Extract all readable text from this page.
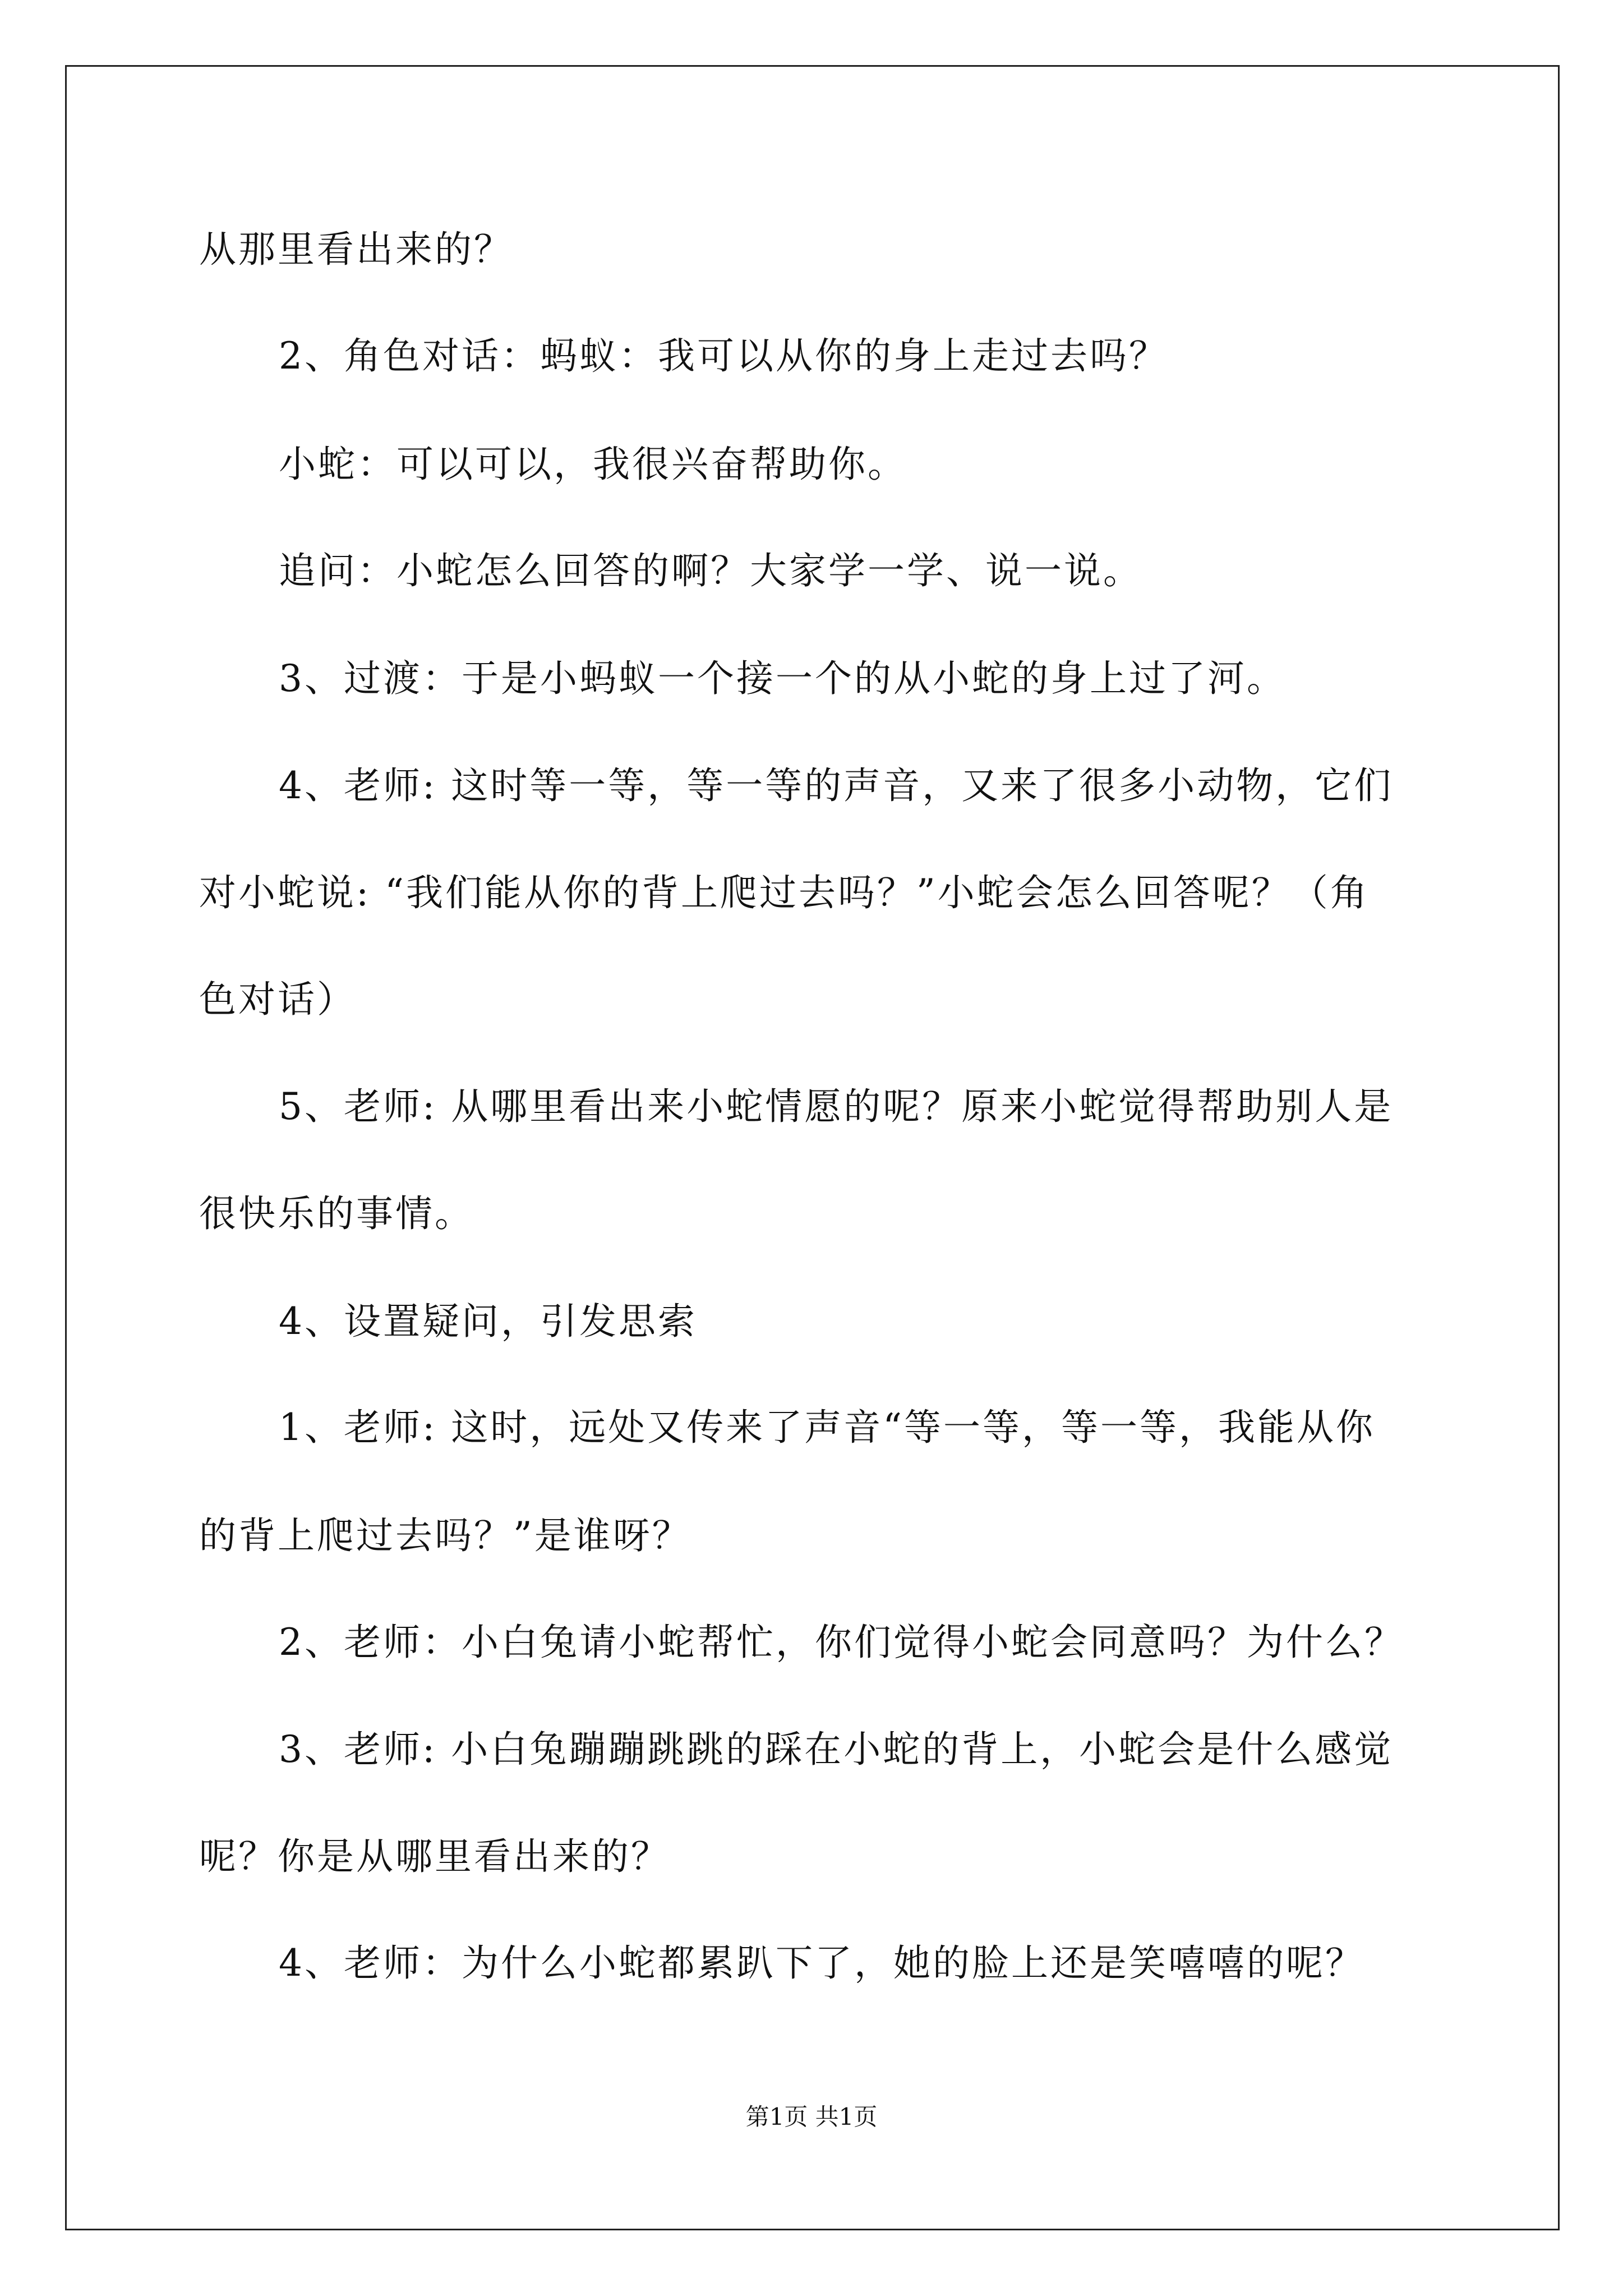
从那里看出来的？
2、角色对话：蚂蚁：我可以从你的身上走过去吗？
小蛇：可以可以，我很兴奋帮助你。
追问：小蛇怎么回答的啊？大家学一学、说一说。
3、过渡：于是小蚂蚁一个接一个的从小蛇的身上过了河。
4、老师: 这时等一等，等一等的声音，又来了很多小动物，它们
对小蛇说: “我们能从你的背上爬过去吗？”小蛇会怎么回答呢？（角
色对话）
5、老师: 从哪里看出来小蛇情愿的呢？原来小蛇觉得帮助别人是
很快乐的事情。
4、设置疑问，引发思索
1、老师: 这时，远处又传来了声音“等一等，等一等，我能从你
的背上爬过去吗？”是谁呀？
2、老师：小白兔请小蛇帮忙，你们觉得小蛇会同意吗？为什么？
3、老师: 小白兔蹦蹦跳跳的踩在小蛇的背上，小蛇会是什么感觉
呢？你是从哪里看出来的？
4、老师：为什么小蛇都累趴下了，她的脸上还是笑嘻嘻的呢？
第1页 共1页
